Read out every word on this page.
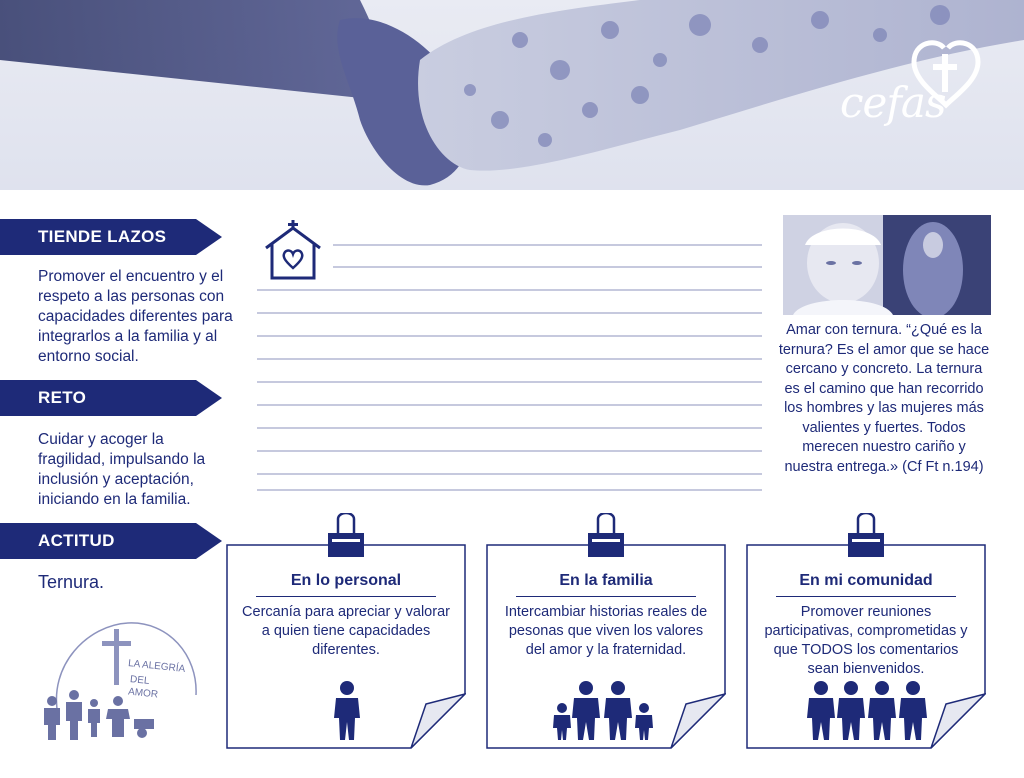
cefas
TIENDE LAZOS
Promover el encuentro y el respeto a las personas con capacidades diferentes para integrarlos a la familia y al entorno social.
RETO
Cuidar y acoger la fragilidad, impulsando la inclusión y aceptación, iniciando en la familia.
ACTITUD
Ternura.
Amar con ternura. “¿Qué es la ternura? Es el amor que se hace cercano y concreto. La ternura es el camino que han recorrido los hombres y las mujeres más valientes y fuertes. Todos merecen nuestro cariño y nuestra entrega.» (Cf Ft n.194)
En lo personal
Cercanía para apreciar y valorar a quien tiene capacidades diferentes.
En la familia
Intercambiar historias reales de pesonas que viven los valores del amor y la fraternidad.
En mi comunidad
Promover reuniones participativas, comprometidas y que TODOS los comentarios sean bienvenidos.
LA ALEGRÍA
DEL
AMOR
